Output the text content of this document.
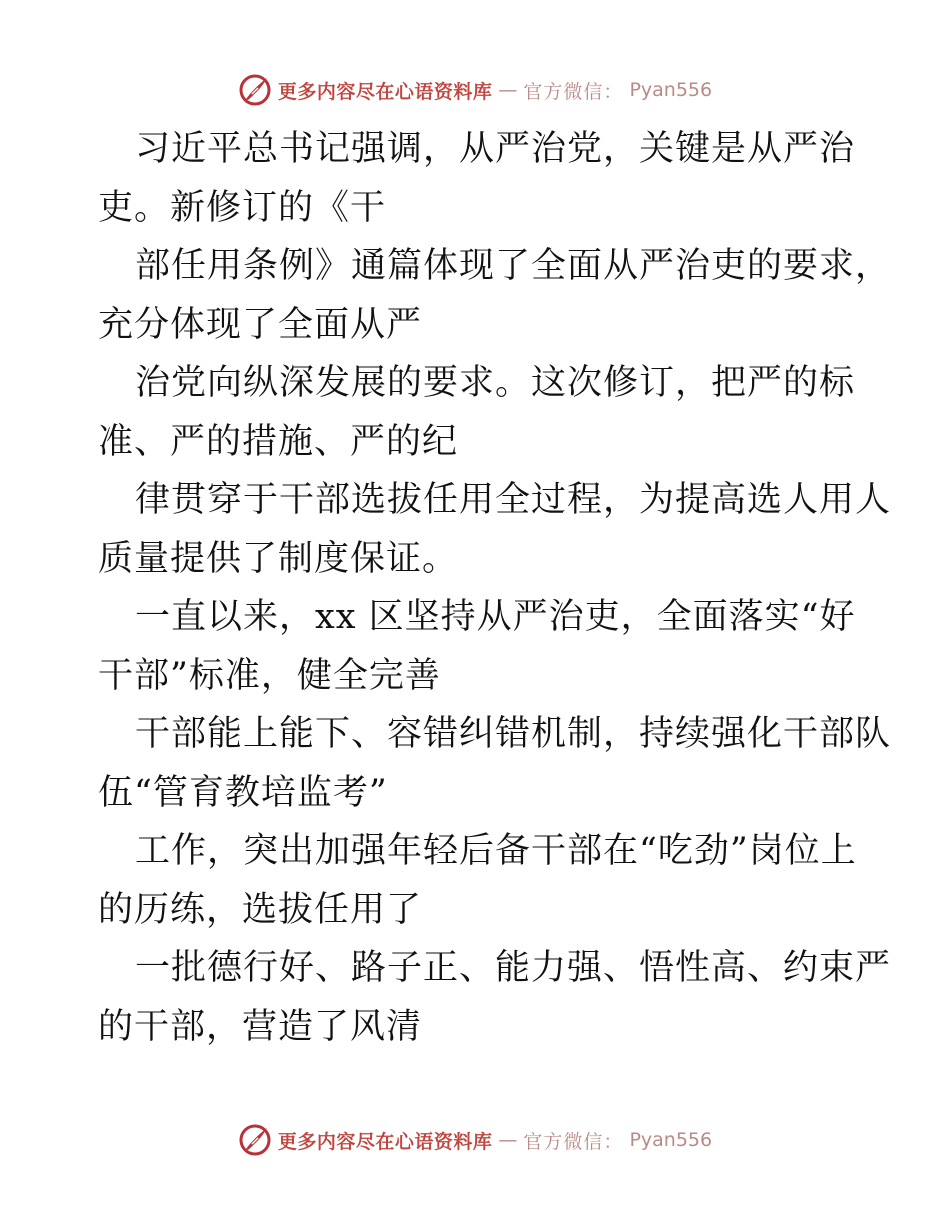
更多内容尽在心语资料库 — 官方微信： Pyan556
习近平总书记强调，从严治党，关键是从严治
吏。新修订的《干
部任用条例》通篇体现了全面从严治吏的要求，
充分体现了全面从严
治党向纵深发展的要求。这次修订，把严的标
准、严的措施、严的纪
律贯穿于干部选拔任用全过程，为提高选人用人
质量提供了制度保证。
一直以来，xx 区坚持从严治吏，全面落实“好
干部”标准，健全完善
干部能上能下、容错纠错机制，持续强化干部队
伍“管育教培监考”
工作，突出加强年轻后备干部在“吃劲”岗位上
的历练，选拔任用了
一批德行好、路子正、能力强、悟性高、约束严
的干部，营造了风清
更多内容尽在心语资料库 — 官方微信： Pyan556
